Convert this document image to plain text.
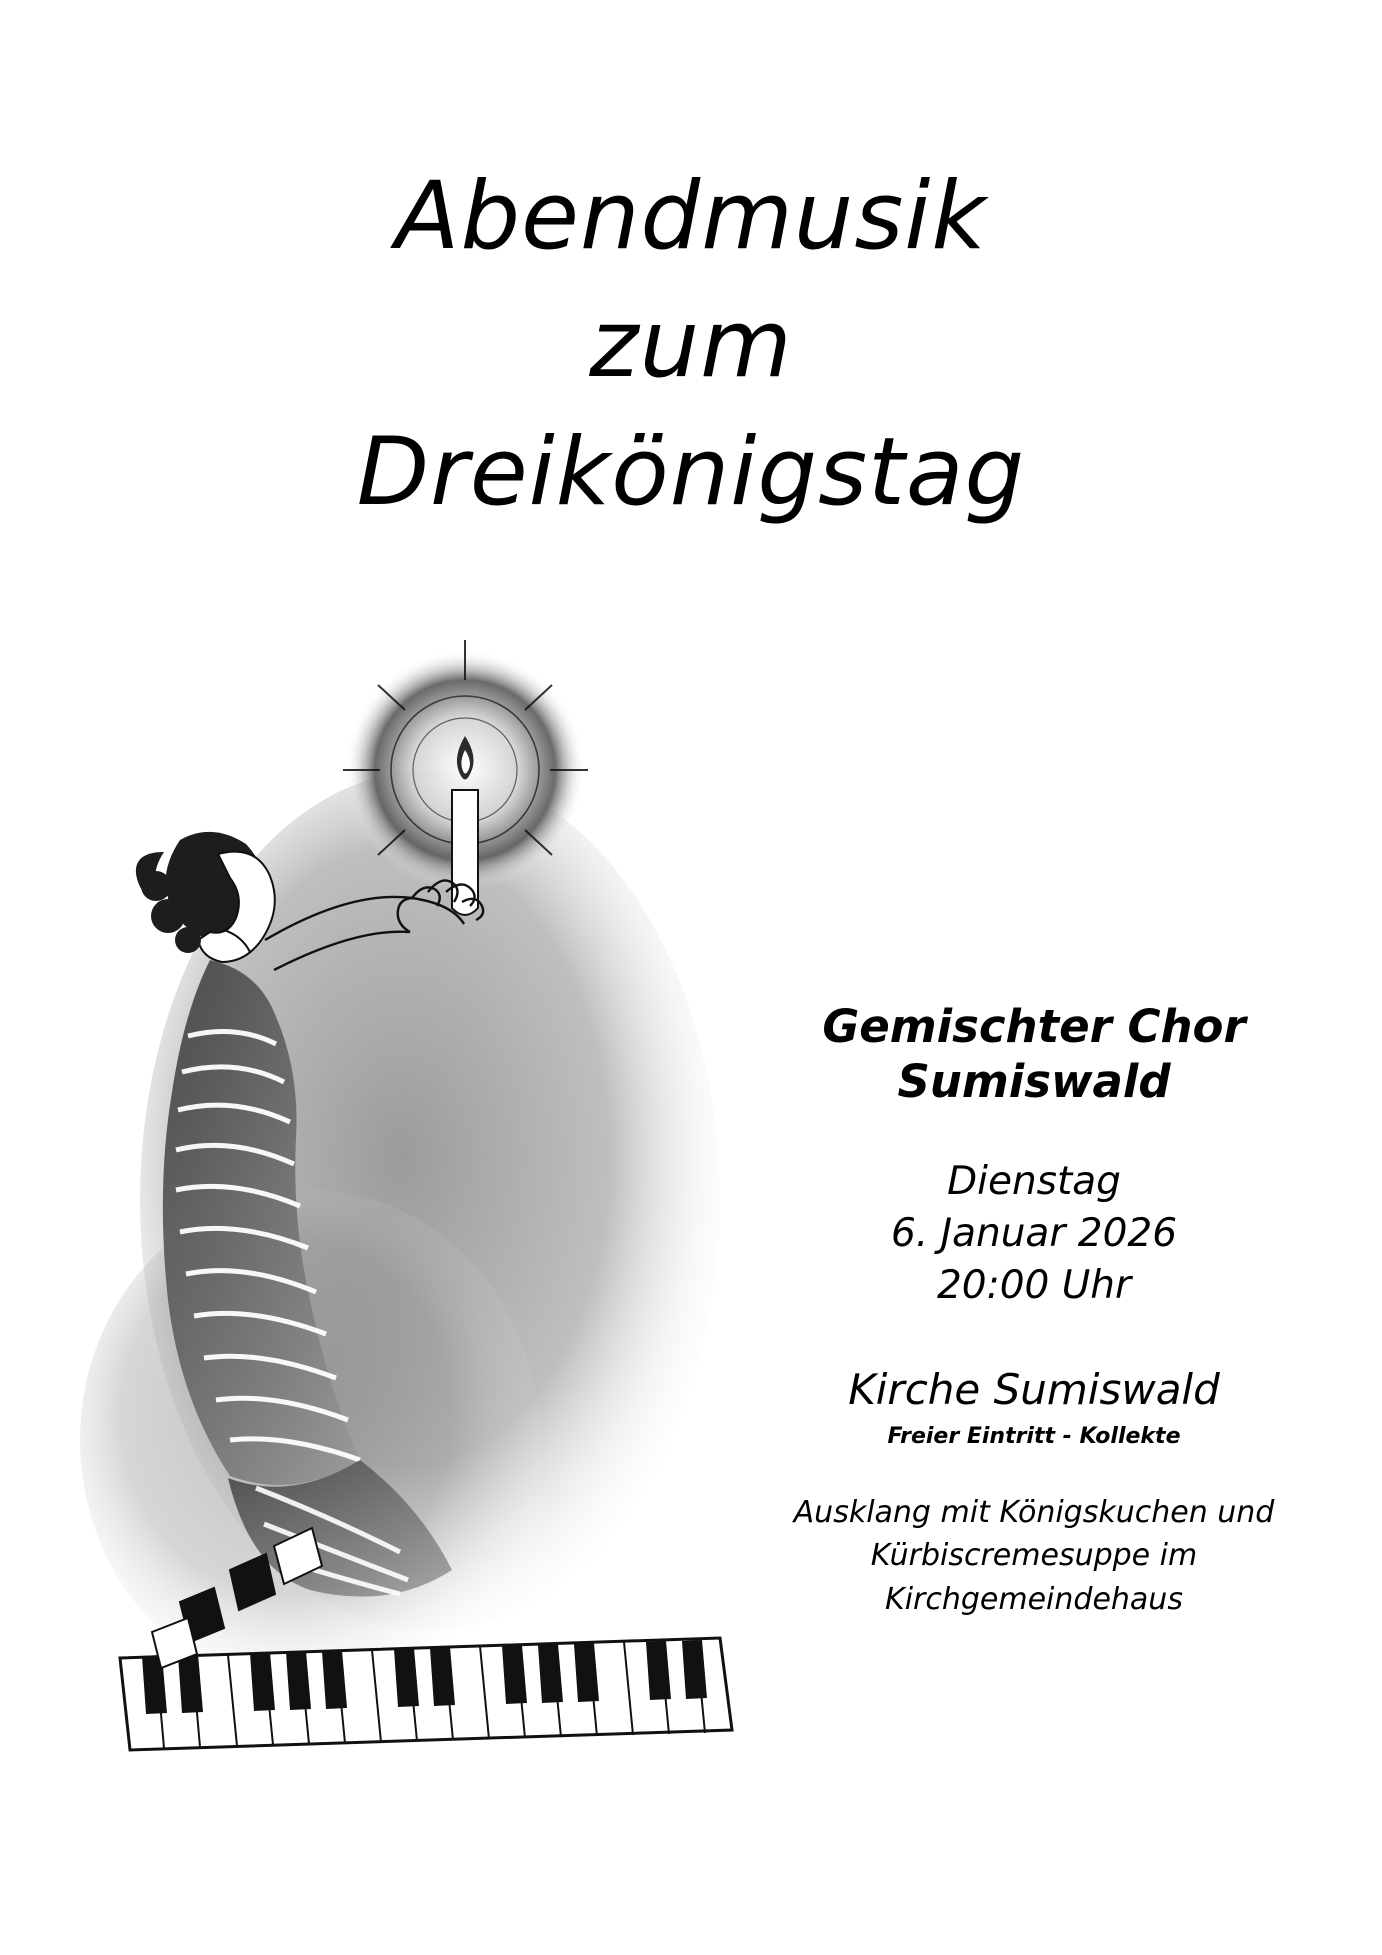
Abendmusik
zum
Dreikönigstag
Gemischter Chor
Sumiswald
Dienstag
6. Januar 2026
20:00 Uhr
Kirche Sumiswald
Freier Eintritt - Kollekte
Ausklang mit Königskuchen und
Kürbiscremesuppe im
Kirchgemeindehaus
